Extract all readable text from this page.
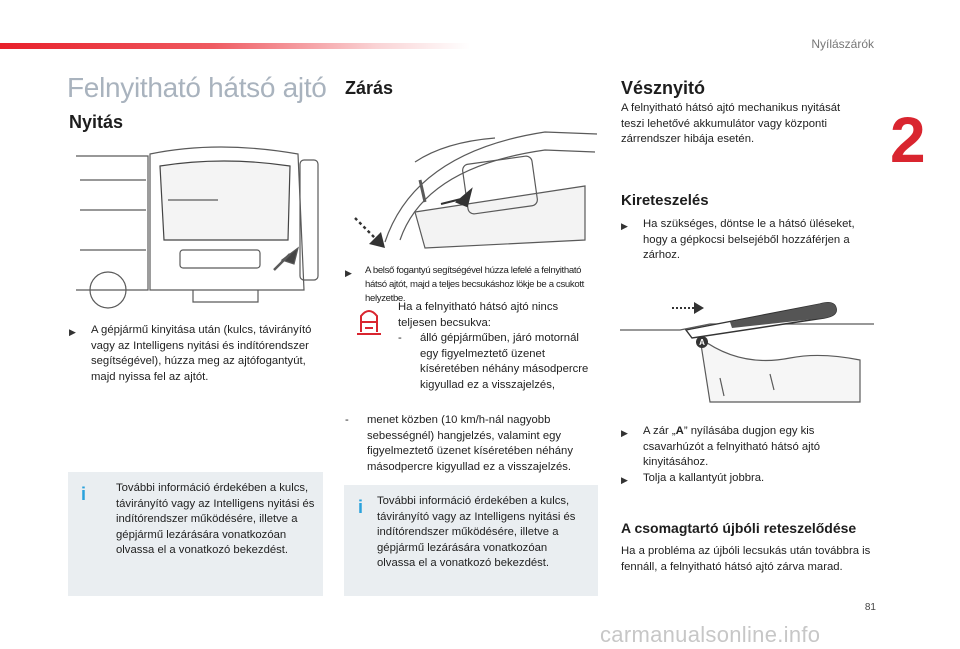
Nyílászárók
2
81
Felnyitható hátsó ajtó
Nyitás
▶	A gépjármű kinyitása után (kulcs, távirányító vagy az Intelligens nyitási és indítórendszer segítségével), húzza meg az ajtófogantyút, majd nyissa fel az ajtót.
i	További információ érdekében a kulcs, távirányító vagy az Intelligens nyitási és indítórendszer működésére, illetve a gépjármű lezárására vonatkozóan olvassa el a vonatkozó bekezdést.
Zárás
▶	A belső fogantyú segítségével húzza lefelé a felnyitható hátsó ajtót, majd a teljes becsukáshoz lökje be a csukott helyzetbe.
Ha a felnyitható hátsó ajtó nincs teljesen becsukva:
-	álló gépjárműben, járó motornál egy figyelmeztető üzenet kíséretében néhány másodpercre kigyullad ez a visszajelzés,
-	menet közben (10 km/h-nál nagyobb sebességnél) hangjelzés, valamint egy figyelmeztető üzenet kíséretében néhány másodpercre kigyullad ez a visszajelzés.
i További információ érdekében a kulcs, távirányító vagy az Intelligens nyitási és indítórendszer működésére, illetve a gépjármű lezárására vonatkozóan olvassa el a vonatkozó bekezdést.
Vésznyitó
A felnyitható hátsó ajtó mechanikus nyitását teszi lehetővé akkumulátor vagy központi zárrendszer hibája esetén.
Kireteszelés
▶	Ha szükséges, döntse le a hátsó üléseket, hogy a gépkocsi belsejéből hozzáférjen a zárhoz.
A
▶	A zár „A” nyílásába dugjon egy kis csavarhúzót a felnyitható hátsó ajtó kinyitásához.
▶	Tolja a kallantyút jobbra.
A csomagtartó újbóli reteszelődése
Ha a probléma az újbóli lecsukás után továbbra is fennáll, a felnyitható hátsó ajtó zárva marad.
carmanualsonline.info
